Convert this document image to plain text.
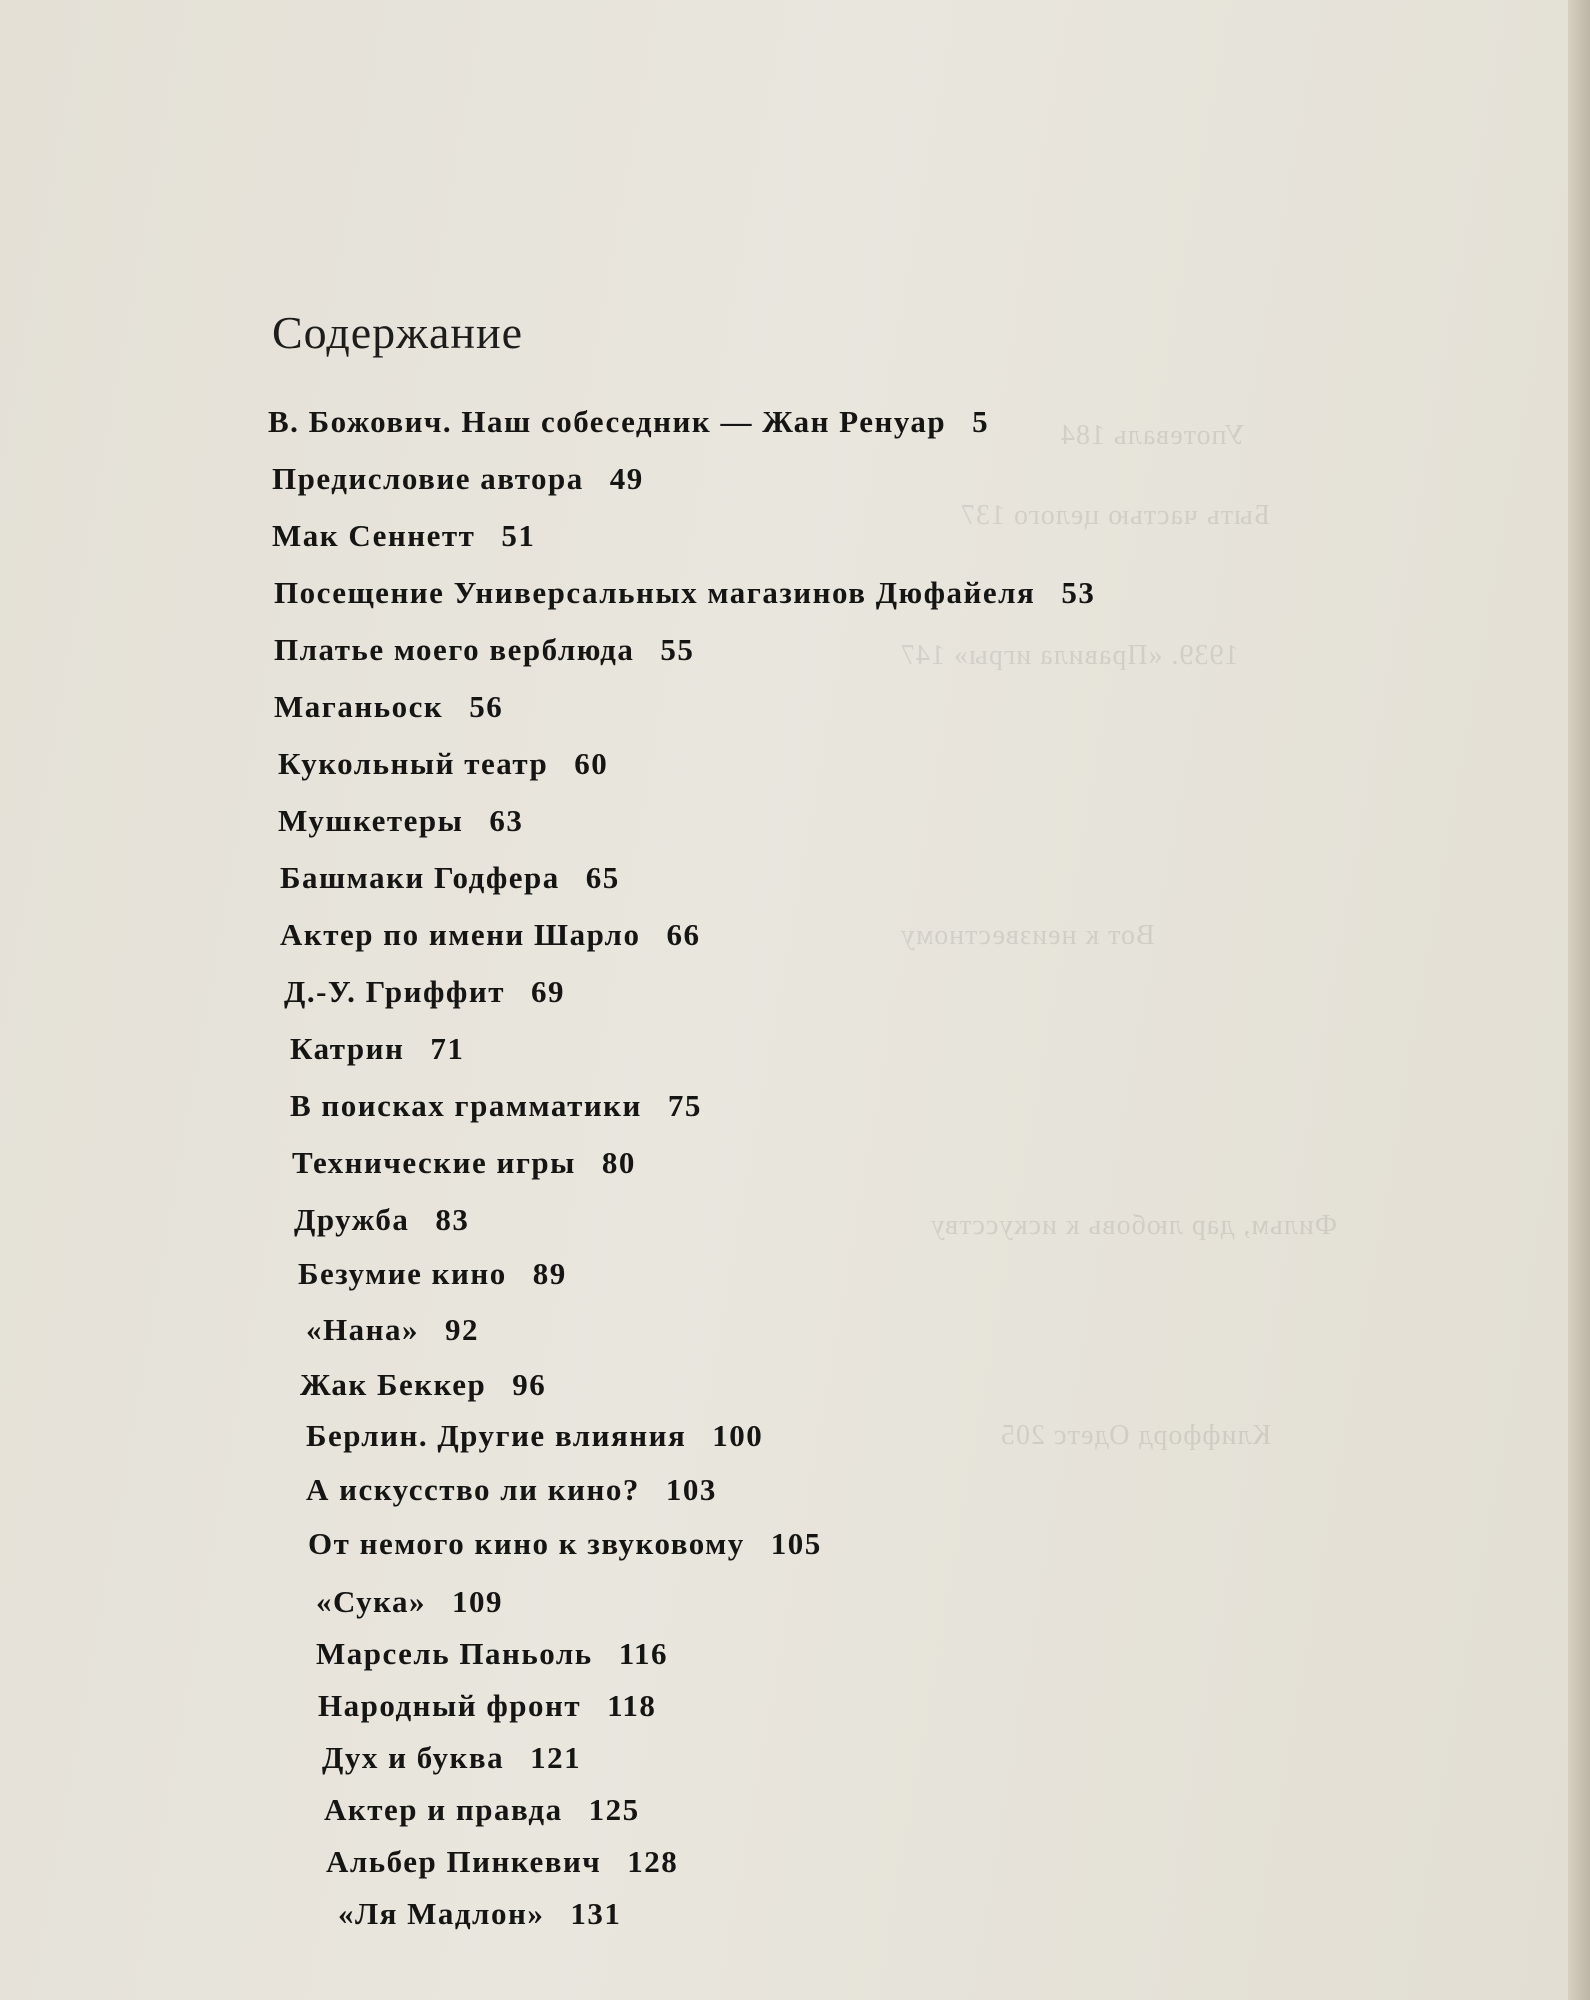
Употеваль 184
Быть частью целого 137
1939. «Правила игры» 147
Вот к неизвестному
Фильм, дар любовь к искусству
Клиффорд Одетс 205
Содержание
В. Божович. Наш собеседник — Жан Ренуар 5
Предисловие автора 49
Мак Сеннетт 51
Посещение Универсальных магазинов Дюфайеля 53
Платье моего верблюда 55
Маганьоск 56
Кукольный театр 60
Мушкетеры 63
Башмаки Годфера 65
Актер по имени Шарло 66
Д.-У. Гриффит 69
Катрин 71
В поисках грамматики 75
Технические игры 80
Дружба 83
Безумие кино 89
«Нана» 92
Жак Беккер 96
Берлин. Другие влияния 100
А искусство ли кино? 103
От немого кино к звуковому 105
«Сука» 109
Марсель Паньоль 116
Народный фронт 118
Дух и буква 121
Актер и правда 125
Альбер Пинкевич 128
«Ля Мадлон» 131
